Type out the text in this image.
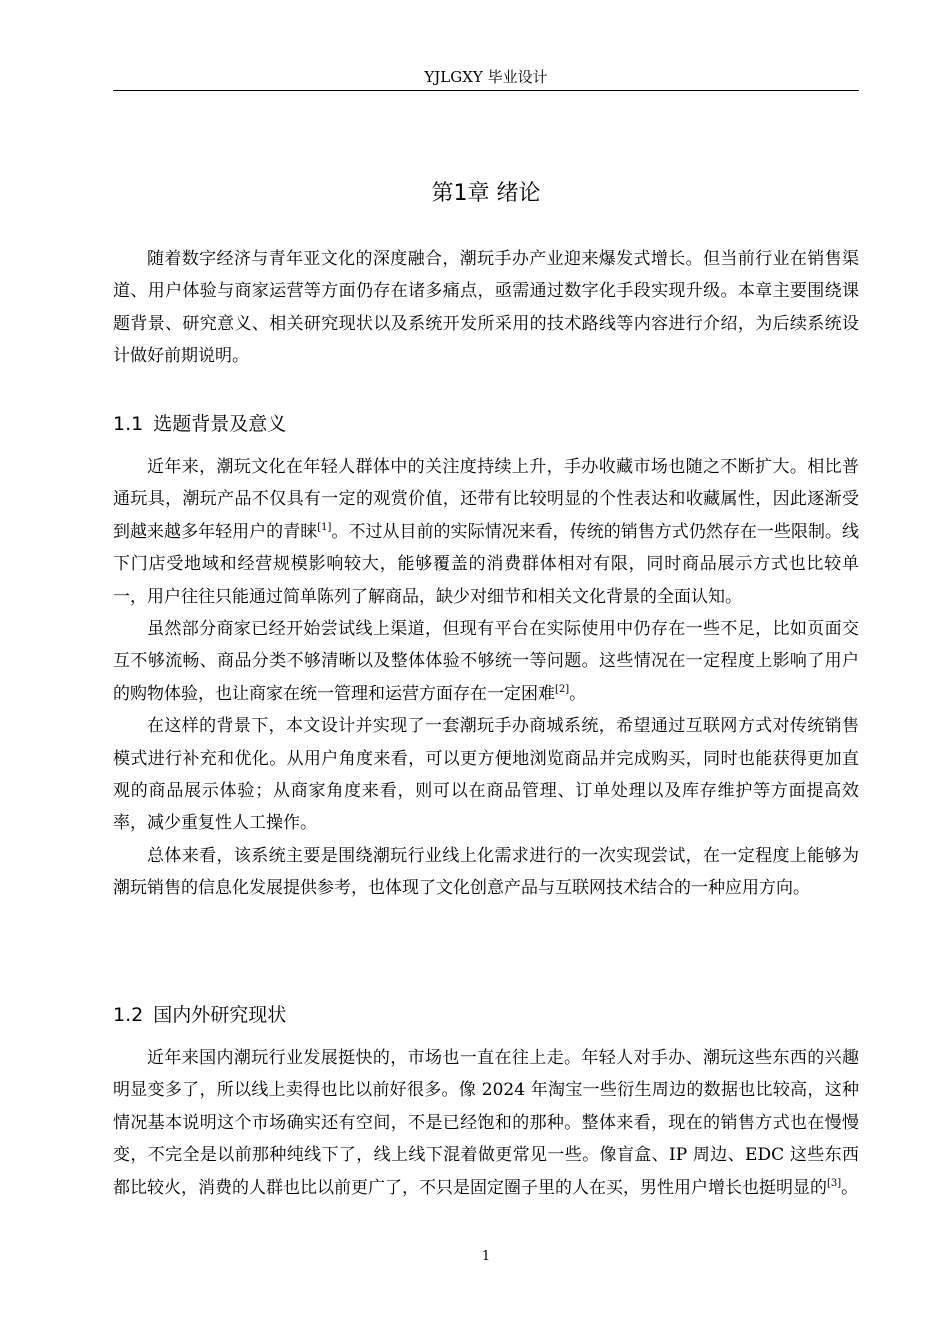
YJLGXY 毕业设计
第1章 绪论

随着数字经济与青年亚文化的深度融合，潮玩手办产业迎来爆发式增长。但当前行业在销售渠道、用户体验与商家运营等方面仍存在诸多痛点，亟需通过数字化手段实现升级。本章主要围绕课题背景、研究意义、相关研究现状以及系统开发所采用的技术路线等内容进行介绍，为后续系统设计做好前期说明。

1.1 选题背景及意义

近年来，潮玩文化在年轻人群体中的关注度持续上升，手办收藏市场也随之不断扩大。相比普通玩具，潮玩产品不仅具有一定的观赏价值，还带有比较明显的个性表达和收藏属性，因此逐渐受到越来越多年轻用户的青睐[1]。不过从目前的实际情况来看，传统的销售方式仍然存在一些限制。线下门店受地域和经营规模影响较大，能够覆盖的消费群体相对有限，同时商品展示方式也比较单一，用户往往只能通过简单陈列了解商品，缺少对细节和相关文化背景的全面认知。

虽然部分商家已经开始尝试线上渠道，但现有平台在实际使用中仍存在一些不足，比如页面交互不够流畅、商品分类不够清晰以及整体体验不够统一等问题。这些情况在一定程度上影响了用户的购物体验，也让商家在统一管理和运营方面存在一定困难[2]。

在这样的背景下，本文设计并实现了一套潮玩手办商城系统，希望通过互联网方式对传统销售模式进行补充和优化。从用户角度来看，可以更方便地浏览商品并完成购买，同时也能获得更加直观的商品展示体验；从商家角度来看，则可以在商品管理、订单处理以及库存维护等方面提高效率，减少重复性人工操作。

总体来看，该系统主要是围绕潮玩行业线上化需求进行的一次实现尝试，在一定程度上能够为潮玩销售的信息化发展提供参考，也体现了文化创意产品与互联网技术结合的一种应用方向。

1.2 国内外研究现状

近年来国内潮玩行业发展挺快的，市场也一直在往上走。年轻人对手办、潮玩这些东西的兴趣明显变多了，所以线上卖得也比以前好很多。像 2024 年淘宝一些衍生周边的数据也比较高，这种情况基本说明这个市场确实还有空间，不是已经饱和的那种。整体来看，现在的销售方式也在慢慢变，不完全是以前那种纯线下了，线上线下混着做更常见一些。像盲盒、IP 周边、EDC 这些东西都比较火，消费的人群也比以前更广了，不只是固定圈子里的人在买，男性用户增长也挺明显的[3]。

1
